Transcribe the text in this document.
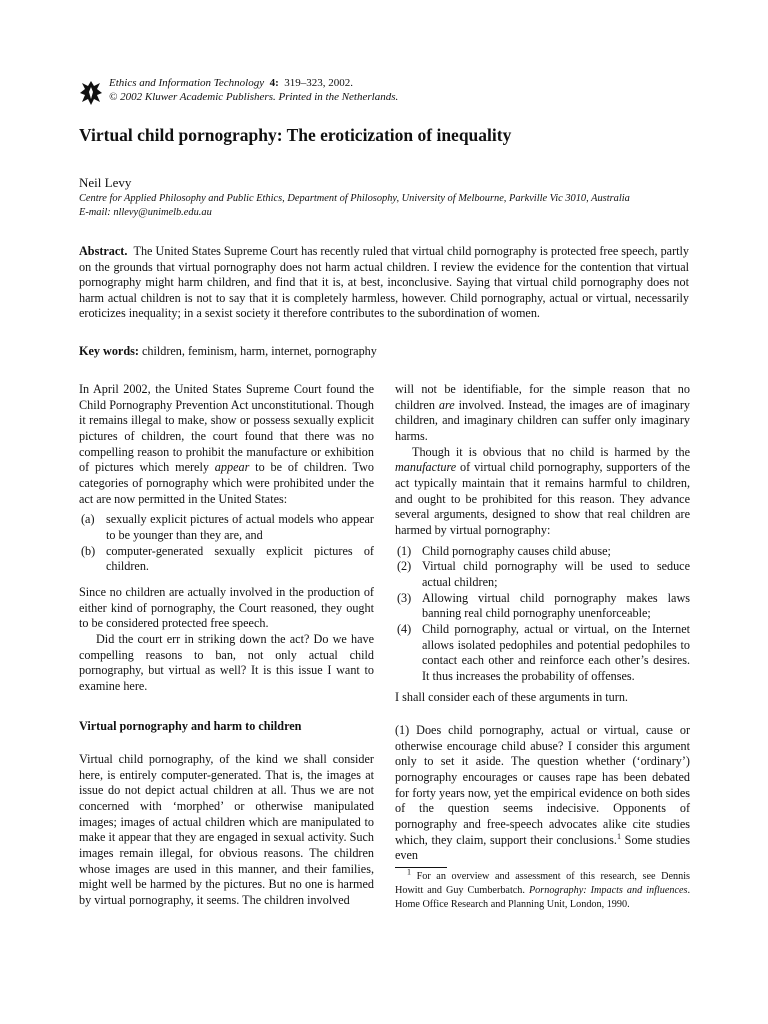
Ethics and Information Technology 4: 319–323, 2002.
© 2002 Kluwer Academic Publishers. Printed in the Netherlands.
Virtual child pornography: The eroticization of inequality
Neil Levy
Centre for Applied Philosophy and Public Ethics, Department of Philosophy, University of Melbourne, Parkville Vic 3010, Australia
E-mail: nllevy@unimelb.edu.au
Abstract. The United States Supreme Court has recently ruled that virtual child pornography is protected free speech, partly on the grounds that virtual pornography does not harm actual children. I review the evidence for the contention that virtual pornography might harm children, and find that it is, at best, inconclusive. Saying that virtual child pornography does not harm actual children is not to say that it is completely harmless, however. Child pornography, actual or virtual, necessarily eroticizes inequality; in a sexist society it therefore contributes to the subordination of women.
Key words: children, feminism, harm, internet, pornography

In April 2002, the United States Supreme Court found the Child Pornography Prevention Act unconstitutional. Though it remains illegal to make, show or possess sexually explicit pictures of children, the court found that there was no compelling reason to prohibit the manufacture or exhibition of pictures which merely appear to be of children. Two categories of pornography which were prohibited under the act are now permitted in the United States:

(a) sexually explicit pictures of actual models who appear to be younger than they are, and
(b) computer-generated sexually explicit pictures of children.

Since no children are actually involved in the production of either kind of pornography, the Court reasoned, they ought to be considered protected free speech.

Did the court err in striking down the act? Do we have compelling reasons to ban, not only actual child pornography, but virtual as well? It is this issue I want to examine here.

Virtual pornography and harm to children

Virtual child pornography, of the kind we shall consider here, is entirely computer-generated. That is, the images at issue do not depict actual children at all. Thus we are not concerned with ‘morphed’ or otherwise manipulated images; images of actual children which are manipulated to make it appear that they are engaged in sexual activity. Such images remain illegal, for obvious reasons. The children whose images are used in this manner, and their families, might well be harmed by the pictures. But no one is harmed by virtual pornography, it seems. The children involved

will not be identifiable, for the simple reason that no children are involved. Instead, the images are of imaginary children, and imaginary children can suffer only imaginary harms.

Though it is obvious that no child is harmed by the manufacture of virtual child pornography, supporters of the act typically maintain that it remains harmful to children, and ought to be prohibited for this reason. They advance several arguments, designed to show that real children are harmed by virtual pornography:

(1) Child pornography causes child abuse;
(2) Virtual child pornography will be used to seduce actual children;
(3) Allowing virtual child pornography makes laws banning real child pornography unenforceable;
(4) Child pornography, actual or virtual, on the Internet allows isolated pedophiles and potential pedophiles to contact each other and reinforce each other’s desires. It thus increases the probability of offenses.

I shall consider each of these arguments in turn.

(1) Does child pornography, actual or virtual, cause or otherwise encourage child abuse? I consider this argument only to set it aside. The question whether (‘ordinary’) pornography encourages or causes rape has been debated for forty years now, yet the empirical evidence on both sides of the question seems indecisive. Opponents of pornography and free-speech advocates alike cite studies which, they claim, support their conclusions.$^1$ Some studies even

$^1$ For an overview and assessment of this research, see Dennis Howitt and Guy Cumberbatch. Pornography: Impacts and influences. Home Office Research and Planning Unit, London, 1990.
